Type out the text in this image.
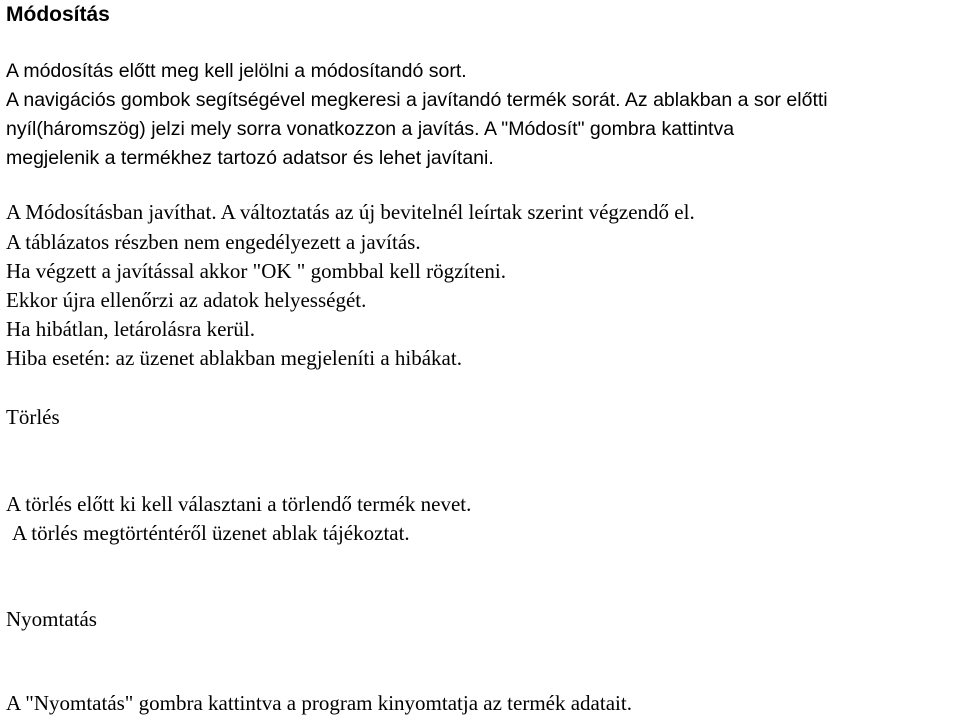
Módosítás
A módosítás előtt meg kell jelölni a módosítandó sort.
A navigációs gombok segítségével megkeresi a javítandó termék sorát. Az ablakban a sor előtti
nyíl(háromszög) jelzi mely sorra vonatkozzon a javítás. A "Módosít" gombra kattintva
megjelenik a termékhez tartozó adatsor és lehet javítani.
A Módosításban javíthat. A változtatás az új bevitelnél leírtak szerint végzendő el.
A táblázatos részben nem engedélyezett a javítás.
Ha végzett a javítással akkor "OK " gombbal kell rögzíteni.
Ekkor újra ellenőrzi az adatok helyességét.
Ha hibátlan, letárolásra kerül.
Hiba esetén: az üzenet ablakban megjeleníti a hibákat.
Törlés
A törlés előtt ki kell választani a törlendő termék nevet.
A törlés megtörténtéről üzenet ablak tájékoztat.
Nyomtatás
A "Nyomtatás" gombra kattintva a program kinyomtatja az termék adatait.
